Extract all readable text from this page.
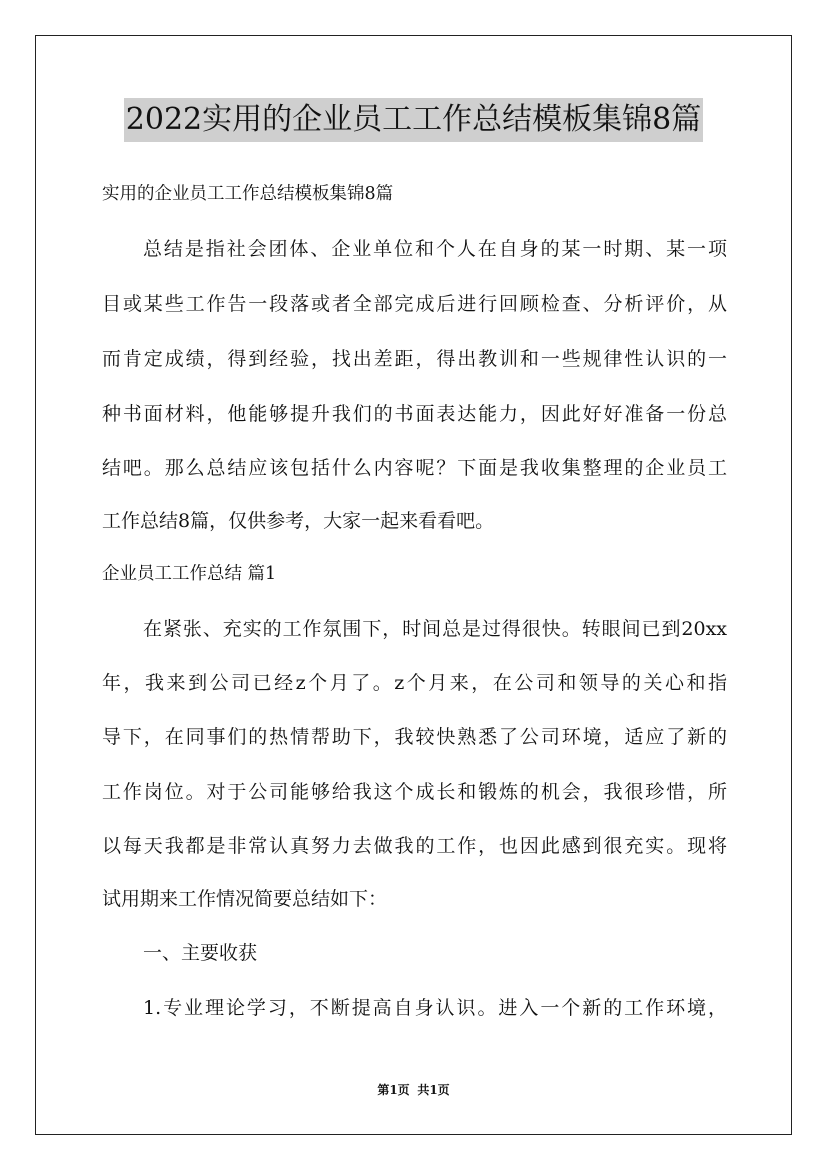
2022实用的企业员工工作总结模板集锦8篇
实用的企业员工工作总结模板集锦8篇
总结是指社会团体、企业单位和个人在自身的某一时期、某一项
目或某些工作告一段落或者全部完成后进行回顾检查、分析评价，从
而肯定成绩，得到经验，找出差距，得出教训和一些规律性认识的一
种书面材料，他能够提升我们的书面表达能力，因此好好准备一份总
结吧。那么总结应该包括什么内容呢？下面是我收集整理的企业员工
工作总结8篇，仅供参考，大家一起来看看吧。
企业员工工作总结 篇1
在紧张、充实的工作氛围下，时间总是过得很快。转眼间已到20xx
年，我来到公司已经z个月了。z个月来，在公司和领导的关心和指
导下，在同事们的热情帮助下，我较快熟悉了公司环境，适应了新的
工作岗位。对于公司能够给我这个成长和锻炼的机会，我很珍惜，所
以每天我都是非常认真努力去做我的工作，也因此感到很充实。现将
试用期来工作情况简要总结如下：
一、主要收获
1.专业理论学习，不断提高自身认识。进入一个新的工作环境，
第1页 共1页
